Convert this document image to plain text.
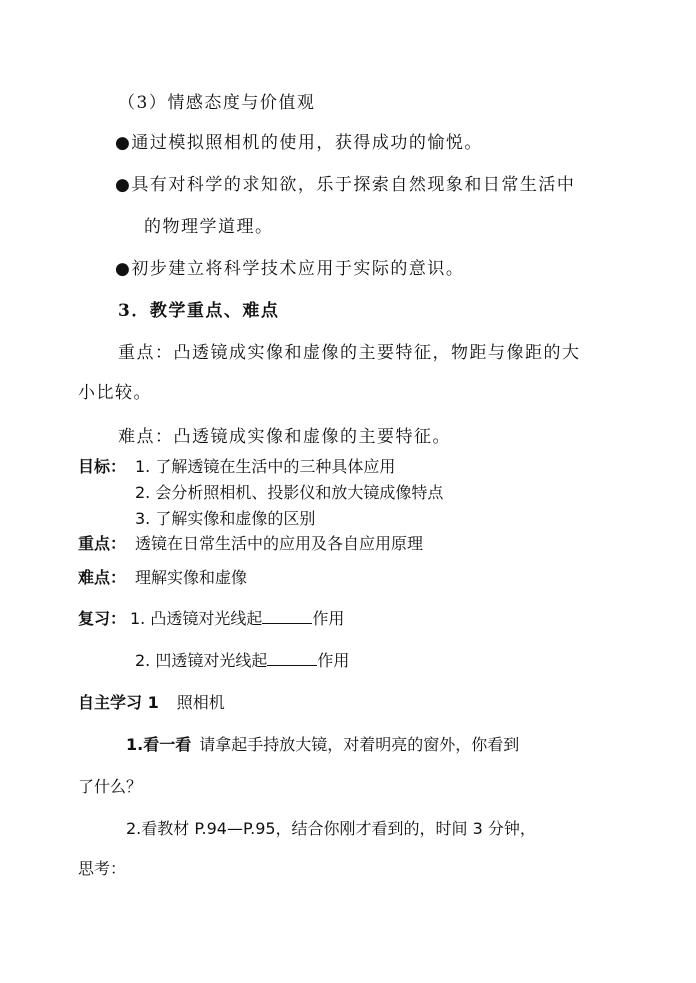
（3）情感态度与价值观
●通过模拟照相机的使用，获得成功的愉悦。
●具有对科学的求知欲，乐于探索自然现象和日常生活中
的物理学道理。
●初步建立将科学技术应用于实际的意识。
3．教学重点、难点
重点：凸透镜成实像和虚像的主要特征，物距与像距的大
小比较。
难点：凸透镜成实像和虚像的主要特征。
目标： 1. 了解透镜在生活中的三种具体应用
2. 会分析照相机、投影仪和放大镜成像特点
3. 了解实像和虚像的区别
重点： 透镜在日常生活中的应用及各自应用原理
难点： 理解实像和虚像
复习： 1. 凸透镜对光线起	作用
2. 凹透镜对光线起	作用
自主学习 1 照相机
1.看一看 请拿起手持放大镜，对着明亮的窗外，你看到
了什么？
2.看教材 P.94—P.95，结合你刚才看到的，时间 3 分钟，
思考：
